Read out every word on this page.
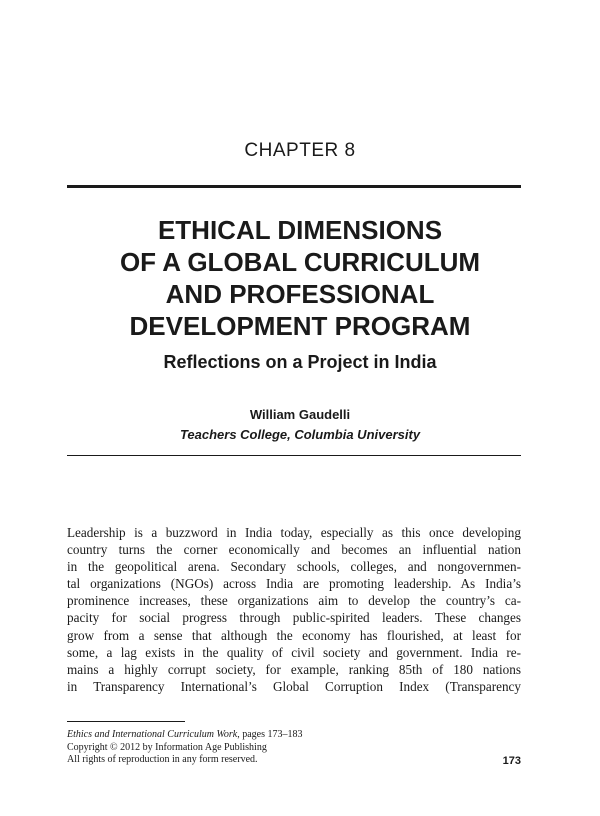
CHAPTER 8
ETHICAL DIMENSIONS
OF A GLOBAL CURRICULUM
AND PROFESSIONAL
DEVELOPMENT PROGRAM
Reflections on a Project in India
William Gaudelli
Teachers College, Columbia University
Leadership is a buzzword in India today, especially as this once developing
country turns the corner economically and becomes an influential nation
in the geopolitical arena. Secondary schools, colleges, and nongovernmen-
tal organizations (NGOs) across India are promoting leadership. As India’s
prominence increases, these organizations aim to develop the country’s ca-
pacity for social progress through public-spirited leaders. These changes
grow from a sense that although the economy has flourished, at least for
some, a lag exists in the quality of civil society and government. India re-
mains a highly corrupt society, for example, ranking 85th of 180 nations
in Transparency International’s Global Corruption Index (Transparency
Ethics and International Curriculum Work, pages 173–183
Copyright © 2012 by Information Age Publishing
All rights of reproduction in any form reserved.	173
